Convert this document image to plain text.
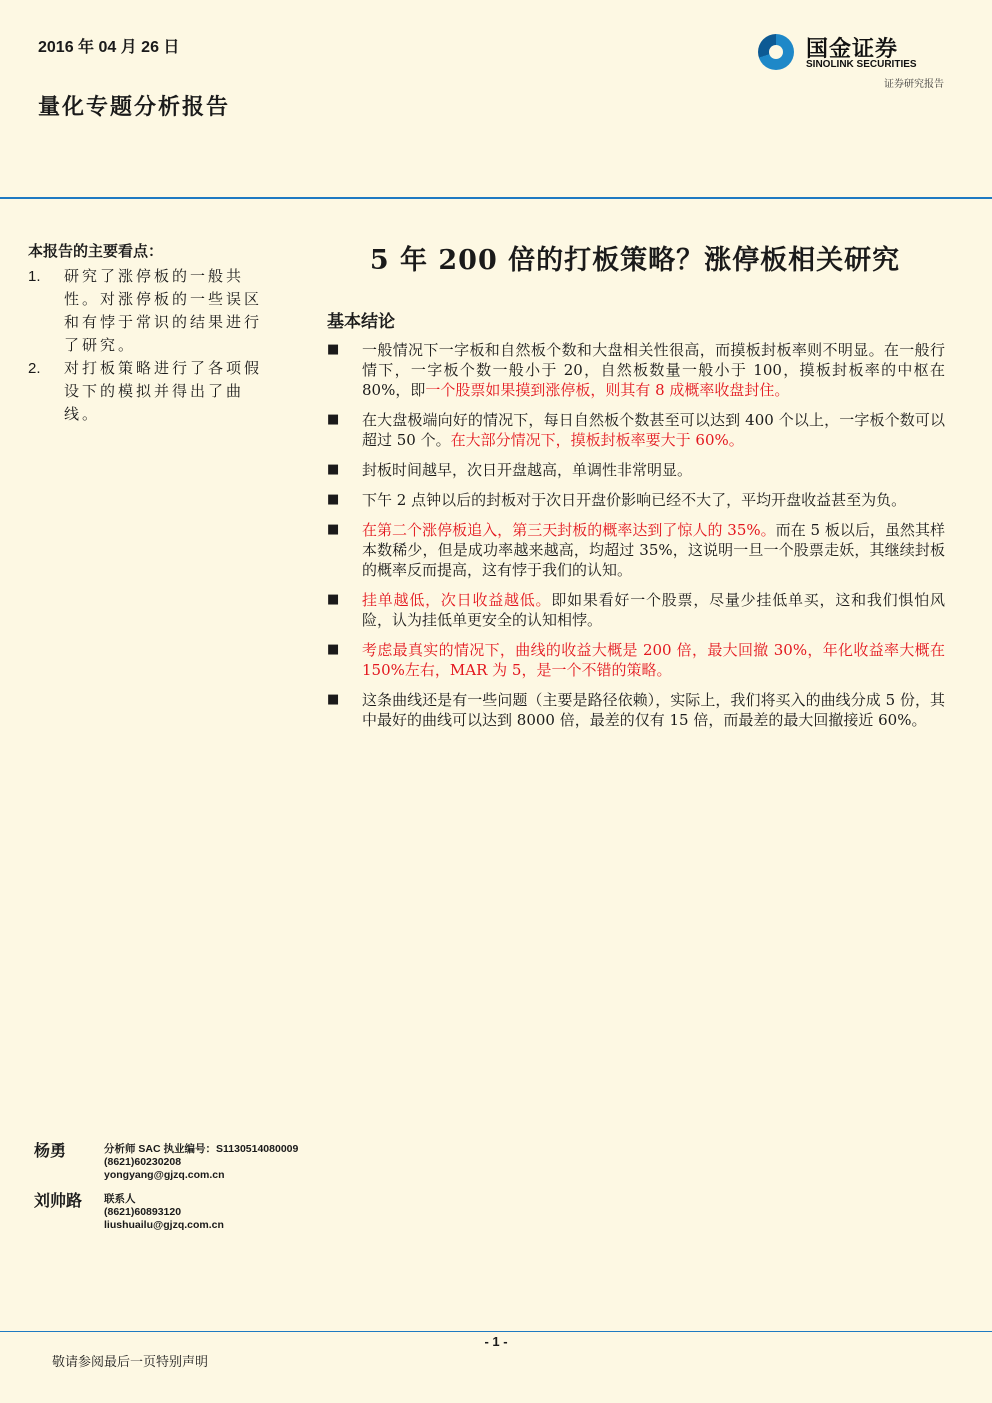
2016 年 04 月 26 日
量化专题分析报告
国金证券
SINOLINK SECURITIES
证券研究报告
本报告的主要看点：
1.	研究了涨停板的一般共性。对涨停板的一些误区和有悖于常识的结果进行了研究。
2.	对打板策略进行了各项假设下的模拟并得出了曲线。
5 年 200 倍的打板策略？涨停板相关研究
基本结论
■	一般情况下一字板和自然板个数和大盘相关性很高，而摸板封板率则不明显。在一般行情下，一字板个数一般小于 20，自然板数量一般小于 100，摸板封板率的中枢在 80%，即一个股票如果摸到涨停板，则其有 8 成概率收盘封住。
■	在大盘极端向好的情况下，每日自然板个数甚至可以达到 400 个以上，一字板个数可以超过 50 个。在大部分情况下，摸板封板率要大于 60%。
■	封板时间越早，次日开盘越高，单调性非常明显。
■	下午 2 点钟以后的封板对于次日开盘价影响已经不大了，平均开盘收益甚至为负。
■	在第二个涨停板追入，第三天封板的概率达到了惊人的 35%。而在 5 板以后，虽然其样本数稀少，但是成功率越来越高，均超过 35%，这说明一旦一个股票走妖，其继续封板的概率反而提高，这有悖于我们的认知。
■	挂单越低，次日收益越低。即如果看好一个股票，尽量少挂低单买，这和我们惧怕风险，认为挂低单更安全的认知相悖。
■	考虑最真实的情况下，曲线的收益大概是 200 倍，最大回撤 30%，年化收益率大概在 150%左右，MAR 为 5，是一个不错的策略。
■	这条曲线还是有一些问题（主要是路径依赖），实际上，我们将买入的曲线分成 5 份，其中最好的曲线可以达到 8000 倍，最差的仅有 15 倍，而最差的最大回撤接近 60%。
杨勇	分析师 SAC 执业编号：S1130514080009
(8621)60230208
yongyang@gjzq.com.cn
刘帅路	联系人
(8621)60893120
liushuailu@gjzq.com.cn
- 1 -
敬请参阅最后一页特别声明
